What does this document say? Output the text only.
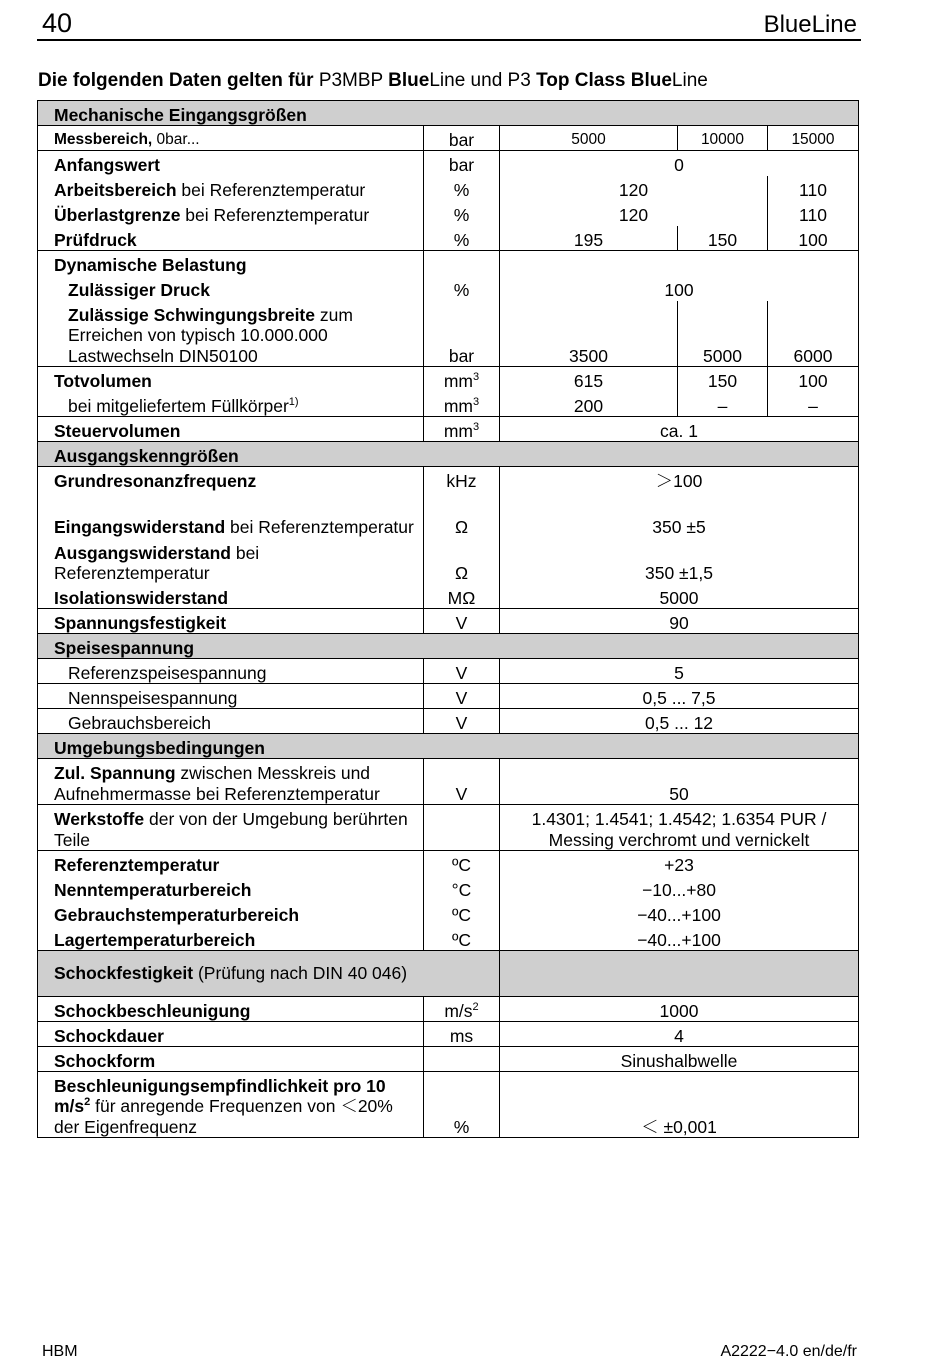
40	BlueLine
Die folgenden Daten gelten für P3MBP BlueLine und P3 Top Class BlueLine
Mechanische Eingangsgrößen				
Messbereich, 0bar...	bar	5000	10000	15000
Anfangswert	bar	0		
Arbeitsbereich bei Referenztemperatur	%	120		110
Überlastgrenze bei Referenztemperatur	%	120		110
Prüfdruck	%	195	150	100
Dynamische Belastung				
Zulässiger Druck	%	100		
Zulässige Schwingungsbreite zum Erreichen von typisch 10.000.000 Lastwechseln DIN50100	bar	3500	5000	6000
Totvolumen	$mm^3$	615	150	100
bei mitgeliefertem Füllkörper$^{1)}$	$mm^3$	200	–	–
Steuervolumen	$mm^3$	ca. 1		
Ausgangskenngrößen				
Grundresonanzfrequenz	kHz	＞100		
Eingangswiderstand bei Referenztemperatur	Ω	350 ±5		
Ausgangswiderstand bei Referenztemperatur	Ω	350 ±1,5		
Isolationswiderstand	MΩ	5000		
Spannungsfestigkeit	V	90		
Speisespannung				
Referenzspeisespannung	V	5		
Nennspeisespannung	V	0,5 ... 7,5		
Gebrauchsbereich	V	0,5 ... 12		
Umgebungsbedingungen				
Zul. Spannung zwischen Messkreis und Aufnehmermasse bei Referenztemperatur	V	50		
Werkstoffe der von der Umgebung berührten Teile		1.4301; 1.4541; 1.4542; 1.6354 PUR /
Messing verchromt und vernickelt		

Referenztemperatur	ºC	+23		
Nenntemperaturbereich	°C	−10...+80		
Gebrauchstemperaturbereich	ºC	−40...+100		
Lagertemperaturbereich	ºC	−40...+100		
Schockfestigkeit (Prüfung nach DIN 40 046)				
Schockbeschleunigung	$m/s^2$	1000		
Schockdauer	ms	4		
Schockform		Sinushalbwelle		
Beschleunigungsempfindlichkeit pro 10 $m/s^2$ für anregende Frequenzen von ＜20% der Eigenfrequenz	%	＜ ±0,001		
HBM	A2222−4.0 en/de/fr
